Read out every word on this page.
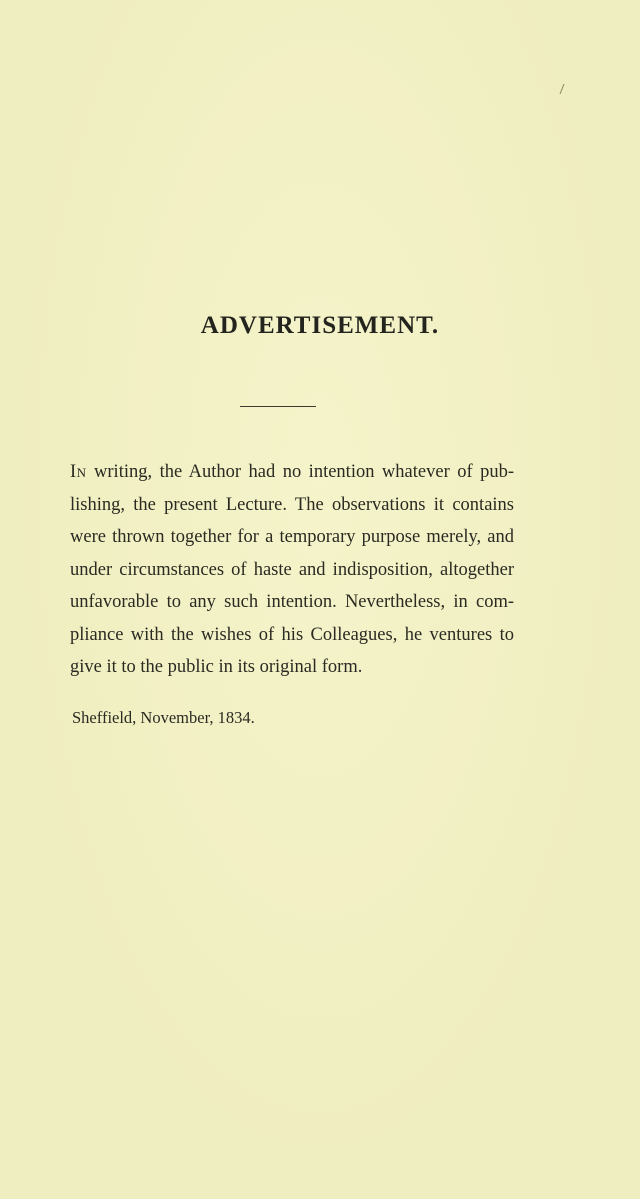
ADVERTISEMENT.

In writing, the Author had no intention whatever of pub-
lishing, the present Lecture. The observations it contains
were thrown together for a temporary purpose merely, and
under circumstances of haste and indisposition, altogether
unfavorable to any such intention. Nevertheless, in com-
pliance with the wishes of his Colleagues, he ventures to
give it to the public in its original form.

Sheffield, November, 1834.
